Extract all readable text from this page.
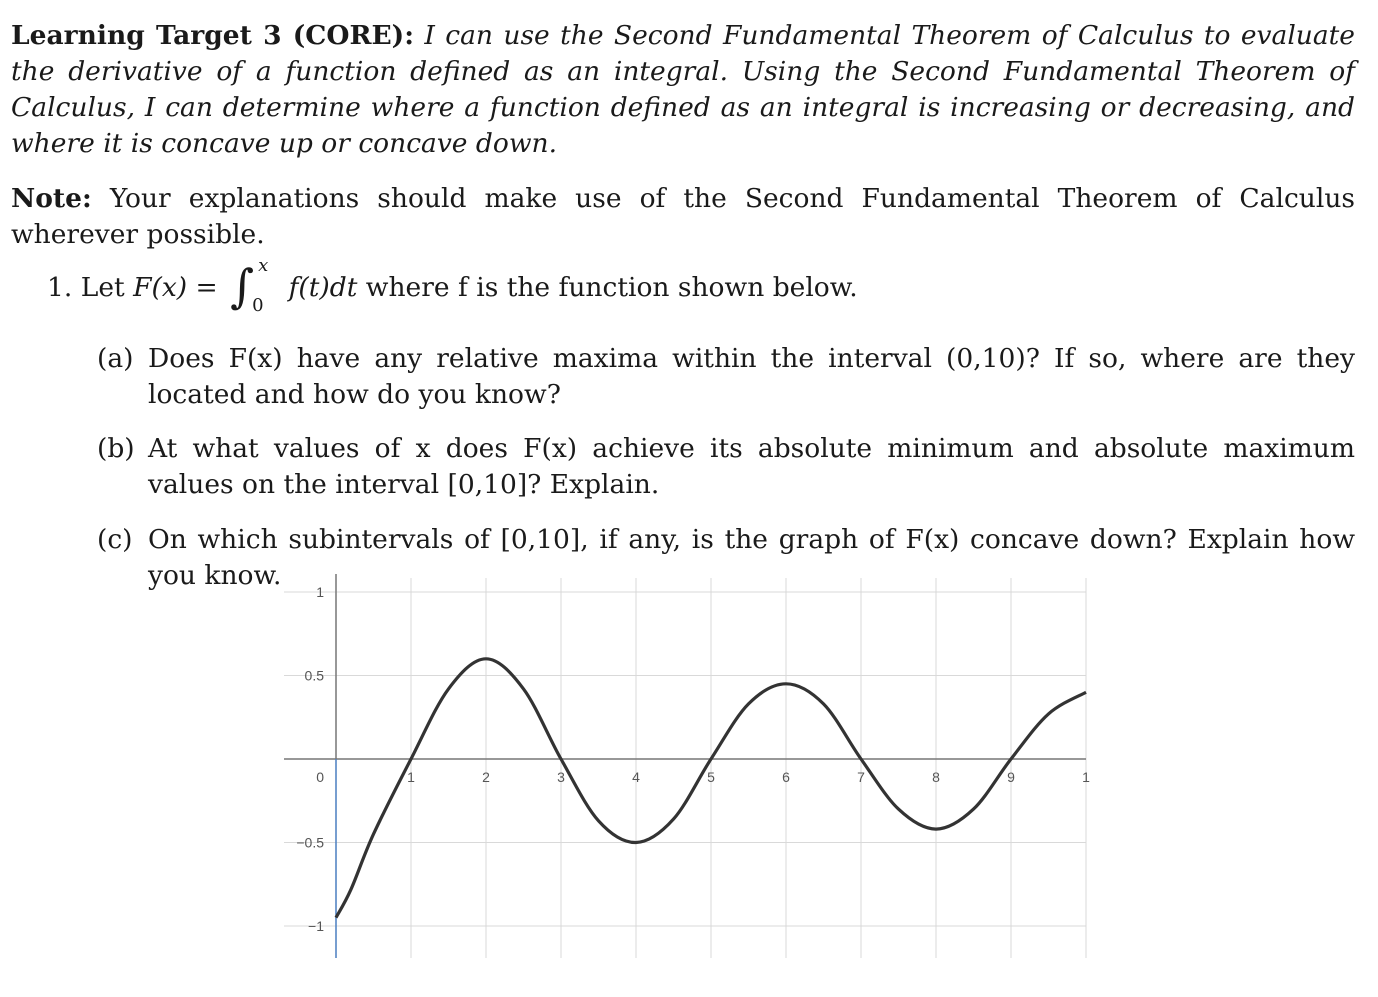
Learning Target 3 (CORE): I can use the Second Fundamental Theorem of Calculus to evaluate the derivative of a function defined as an integral. Using the Second Fundamental Theorem of Calculus, I can determine where a function defined as an integral is increasing or decreasing, and where it is concave up or concave down.
Note: Your explanations should make use of the Second Fundamental Theorem of Calculus wherever possible.
1. Let F(x) = ∫ x
0
f(t)dt where f is the function shown below.
(a) Does F(x) have any relative maxima within the interval (0,10)? If so, where are they located and how do you know?
(b) At what values of x does F(x) achieve its absolute minimum and absolute maximum values on the interval [0,10]? Explain.
(c) On which subintervals of [0,10], if any, is the graph of F(x) concave down? Explain how you know.
1	2	3	4	5	6	7	8	9	1
1
0.5
0
−0.5
−1
